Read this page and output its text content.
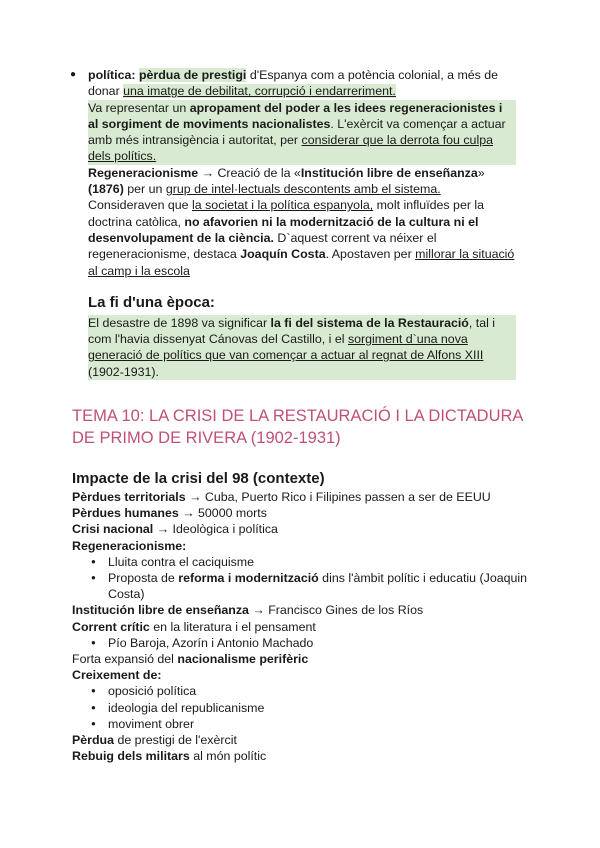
● política: pèrdua de prestigi d'Espanya com a potència colonial, a més de donar una imatge de debilitat, corrupció i endarreriment.
Va representar un apropament del poder a les idees regeneracionistes i al sorgiment de moviments nacionalistes. L'exèrcit va començar a actuar amb més intransigència i autoritat, per considerar que la derrota fou culpa dels polítics.
Regeneracionisme → Creació de la «Institución libre de enseñanza» (1876) per un grup de intel·lectuals descontents amb el sistema. Consideraven que la societat i la política espanyola, molt influïdes per la doctrina catòlica, no afavorien ni la modernització de la cultura ni el desenvolupament de la ciència. D`aquest corrent va néixer el regeneracionisme, destaca Joaquín Costa. Apostaven per millorar la situació al camp i la escola
La fi d'una època:
El desastre de 1898 va significar la fi del sistema de la Restauració, tal i com l'havia dissenyat Cánovas del Castillo, i el sorgiment d`una nova generació de polítics que van començar a actuar al regnat de Alfons XIII (1902-1931).
TEMA 10: LA CRISI DE LA RESTAURACIÓ I LA DICTADURA DE PRIMO DE RIVERA (1902-1931)
Impacte de la crisi del 98 (contexte)
Pèrdues territorials → Cuba, Puerto Rico i Filipines passen a ser de EEUU
Pèrdues humanes → 50000 morts
Crisi nacional → Ideològica i política
Regeneracionisme:
● Lluita contra el caciquisme
● Proposta de reforma i modernització dins l'àmbit polític i educatiu (Joaquin Costa)
Institución libre de enseñanza → Francisco Gines de los Ríos
Corrent crític en la literatura i el pensament
● Pío Baroja, Azorín i Antonio Machado
Forta expansió del nacionalisme perifèric
Creixement de:
● oposició política
● ideologia del republicanisme
● moviment obrer
Pèrdua de prestigi de l'exèrcit
Rebuig dels militars al món polític
